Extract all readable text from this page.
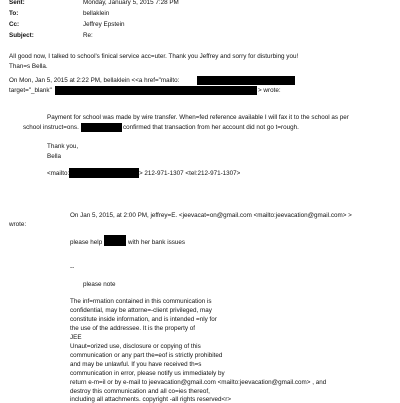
Sent:	Monday, January 5, 2015 7:28 PM
To:	bellaklein
Cc:	Jeffrey Epstein
Subject:	Re:
All good now, I talked to school's finical service acc=uter. Thank you Jeffrey and sorry for disturbing you!
Than=s Bella.
On Mon, Jan 5, 2015 at 2:22 PM, bellaklein <<a href="mailto:
target="_blank"	> wrote:
Payment for school was made by wire transfer. When=fed reference available I will fax it to the school as per
school instruct=ons.	confirmed that transaction from her account did not go t=rough.
Thank you,
Bella
<mailto:	> 212-971-1307 <tel:212-971-1307>
On Jan 5, 2015, at 2:00 PM, jeffrey=E. <jeevacat=on@gmail.com <mailto:jeevacation@gmail.com> >
wrote:
please help	with her bank issues
--
please note
The inf=rmation contained in this communication is
confidential, may be attorne=-client privileged, may
constitute inside information, and is intended =nly for
the use of the addressee. It is the property of
JEE
Unaut=orized use, disclosure or copying of this
communication or any part the=eof is strictly prohibited
and may be unlawful. If you have received th=s
communication in error, please notify us immediately by
return e-m=il or by e-mail to jeevacation@gmail.com <mailto:jeevacation@gmail.com> , and
destroy this communication and all co=ies thereof,
including all attachments. copyright -all rights reserved<r>
